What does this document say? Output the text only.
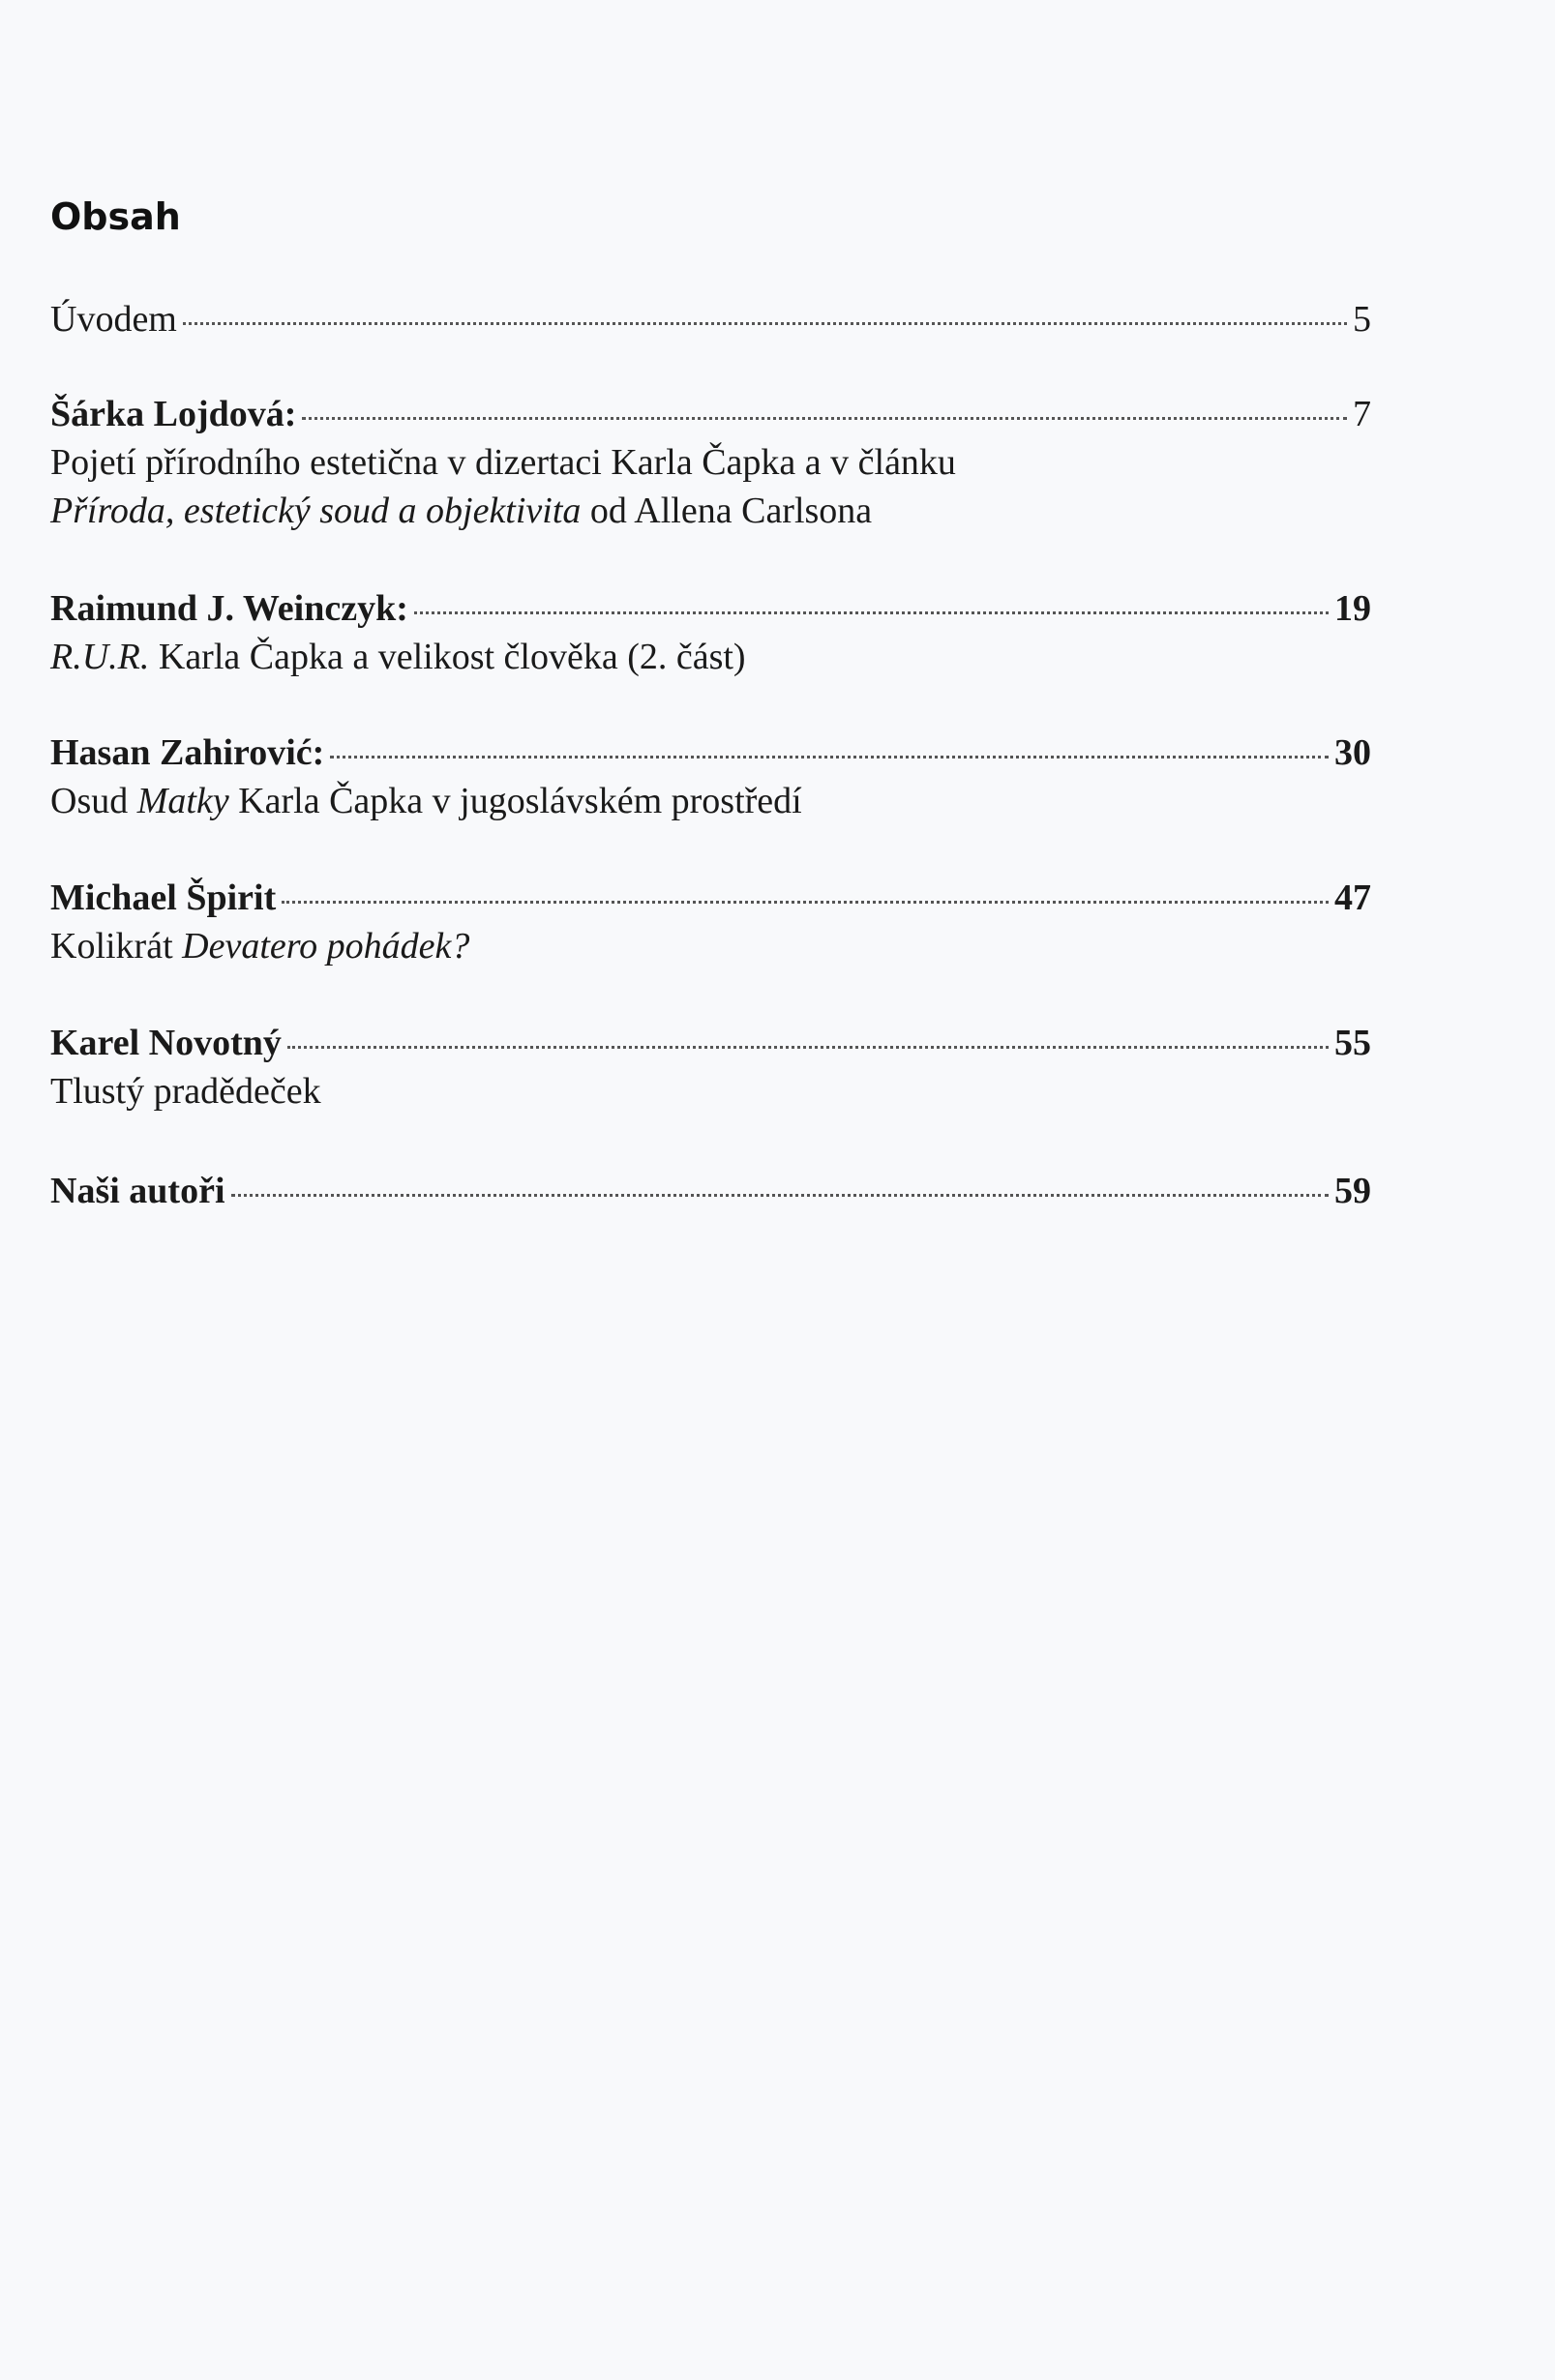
Obsah
Úvodem	5
Šárka Lojdová:	7
Pojetí přírodního estetična v dizertaci Karla Čapka a v článku
Příroda, estetický soud a objektivita od Allena Carlsona
Raimund J. Weinczyk:	19
R.U.R. Karla Čapka a velikost člověka (2. část)
Hasan Zahirović:	30
Osud Matky Karla Čapka v jugoslávském prostředí
Michael Špirit	47
Kolikrát Devatero pohádek?
Karel Novotný	55
Tlustý pradědeček
Naši autoři	59
